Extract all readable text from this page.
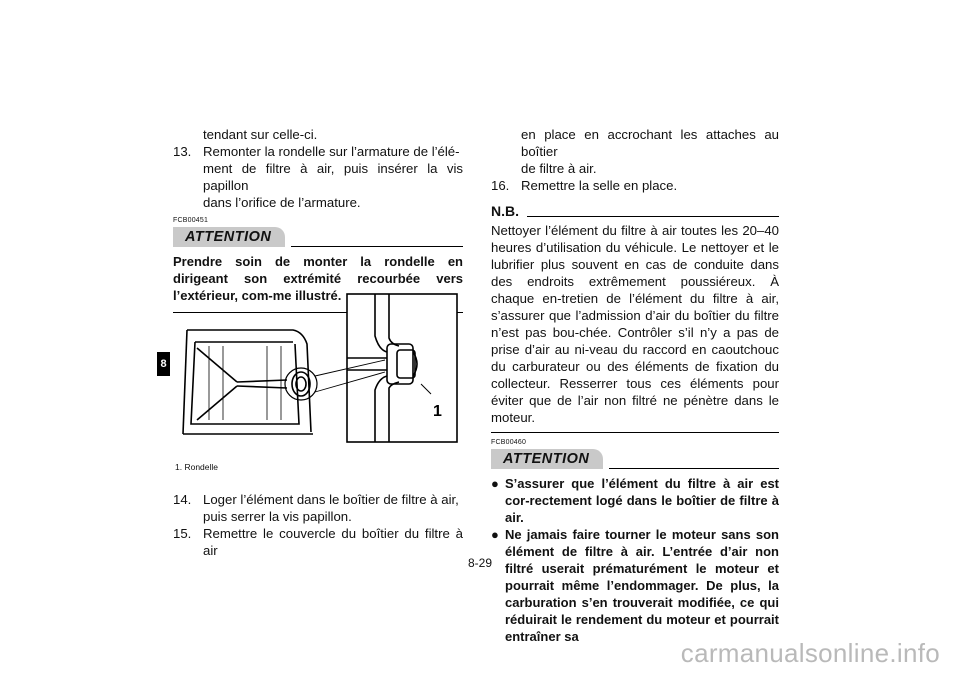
8
tendant sur celle-ci.
13. Remonter la rondelle sur l’armature de l’élé-
ment de filtre à air, puis insérer la vis papillon
dans l’orifice de l’armature.
FCB00451
ATTENTION
Prendre soin de monter la rondelle en dirigeant son extrémité recourbée vers l’extérieur, com-me illustré.
1
1. Rondelle
14. Loger l’élément dans le boîtier de filtre à air,
puis serrer la vis papillon.
15. Remettre le couvercle du boîtier du filtre à air
en place en accrochant les attaches au boîtier
de filtre à air.
16. Remettre la selle en place.
N.B.
Nettoyer l’élément du filtre à air toutes les 20–40 heures d’utilisation du véhicule. Le nettoyer et le lubrifier plus souvent en cas de conduite dans des endroits extrêmement poussiéreux. À chaque en-tretien de l’élément du filtre à air, s’assurer que l’admission d’air du boîtier du filtre n’est pas bou-chée. Contrôler s’il n’y a pas de prise d’air au ni-veau du raccord en caoutchouc du carburateur ou des éléments de fixation du collecteur. Resserrer tous ces éléments pour éviter que de l’air non filtré ne pénètre dans le moteur.
FCB00460
ATTENTION
● S’assurer que l’élément du filtre à air est cor-rectement logé dans le boîtier de filtre à air.
● Ne jamais faire tourner le moteur sans son élément de filtre à air. L’entrée d’air non filtré userait prématurément le moteur et pourrait même l’endommager. De plus, la carburation s’en trouverait modifiée, ce qui réduirait le rendement du moteur et pourrait entraîner sa
8-29
carmanualsonline.info
